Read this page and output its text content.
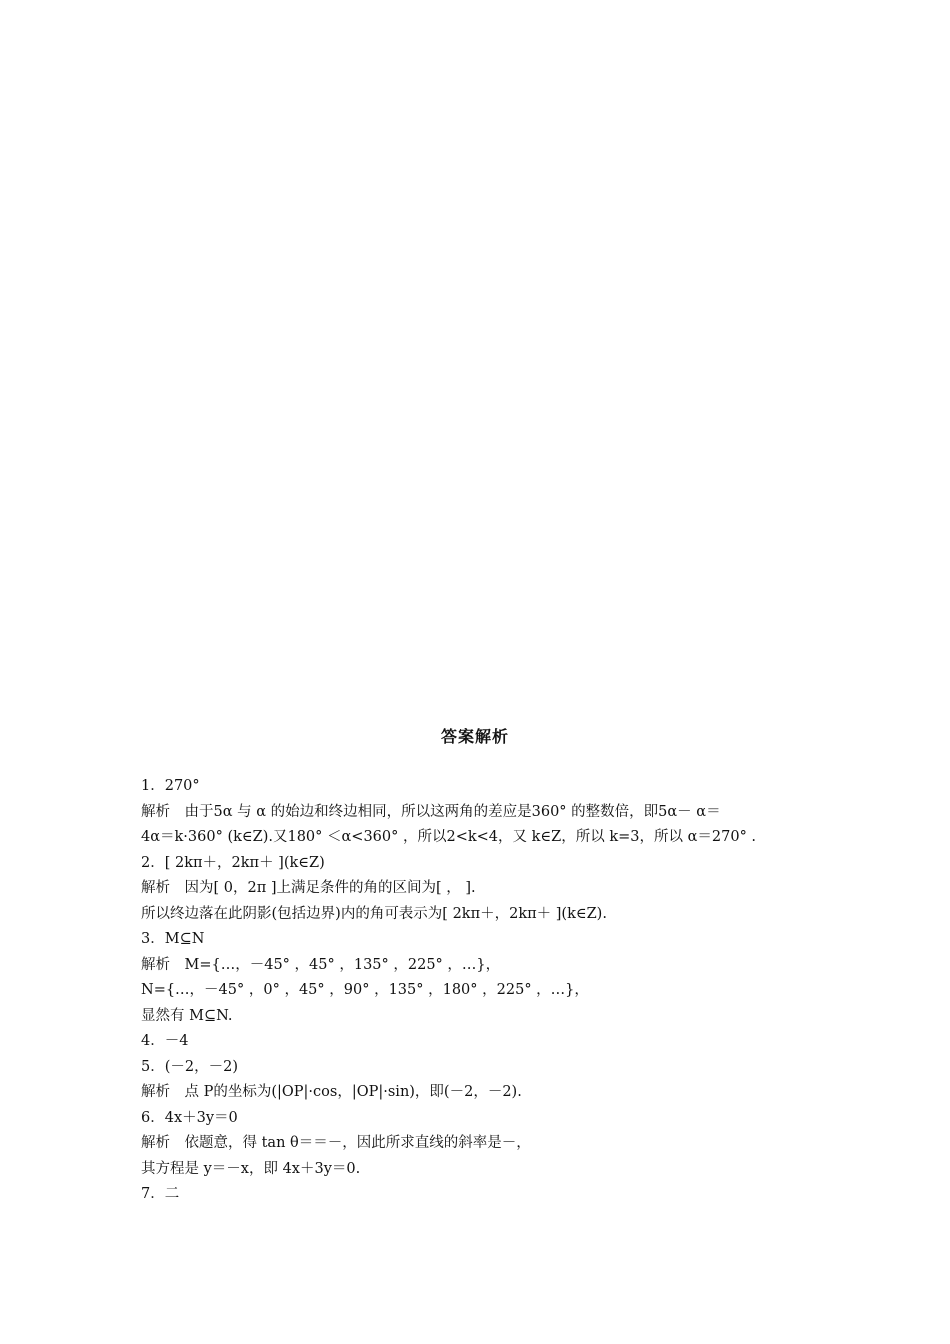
答案解析
1．270°
解析　由于5α 与 α 的始边和终边相同，所以这两角的差应是360° 的整数倍，即5α－ α＝
4α＝k·360° (k∈Z).又180° ＜α<360° ，所以2<k<4，又 k∈Z，所以 k=3，所以 α＝270° .
2．[ 2kπ＋，2kπ＋ ](k∈Z)
解析　因为[ 0，2π ]上满足条件的角的区间为[ ， ].
所以终边落在此阴影(包括边界)内的角可表示为[ 2kπ＋，2kπ＋ ](k∈Z).
3．M⊆N
解析　M={…，－45° ，45° ，135° ，225° ，…}，
N={…，－45° ，0° ，45° ，90° ，135° ，180° ，225° ，…}，
显然有 M⊆N.
4．－4
5．(－2，－2)
解析　点 P的坐标为(|OP|·cos，|OP|·sin)，即(－2，－2).
6．4x＋3y＝0
解析　依题意，得 tan θ＝＝－，因此所求直线的斜率是－，
其方程是 y＝－x，即 4x＋3y＝0.
7．二
